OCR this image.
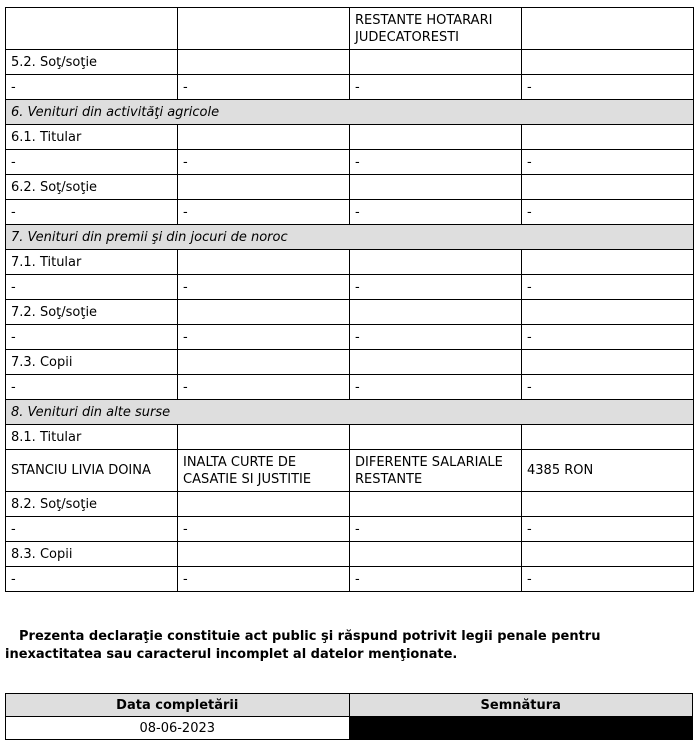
		RESTANTE HOTARARI JUDECATORESTI	
5.2. Soţ/soţie			
-	-	-	-
6. Venituri din activităţi agricole			
6.1. Titular			
-	-	-	-
6.2. Soţ/soţie			
-	-	-	-
7. Venituri din premii şi din jocuri de noroc			
7.1. Titular			
-	-	-	-
7.2. Soţ/soţie			
-	-	-	-
7.3. Copii			
-	-	-	-
8. Venituri din alte surse			
8.1. Titular			
STANCIU LIVIA DOINA	INALTA CURTE DE CASATIE SI JUSTITIE	DIFERENTE SALARIALE RESTANTE	4385 RON
8.2. Soţ/soţie			
-	-	-	-
8.3. Copii			
-	-	-	-
Prezenta declaraţie constituie act public şi răspund potrivit legii penale pentru inexactitatea sau caracterul incomplet al datelor menţionate.
Data completării	Semnătura
08-06-2023	
